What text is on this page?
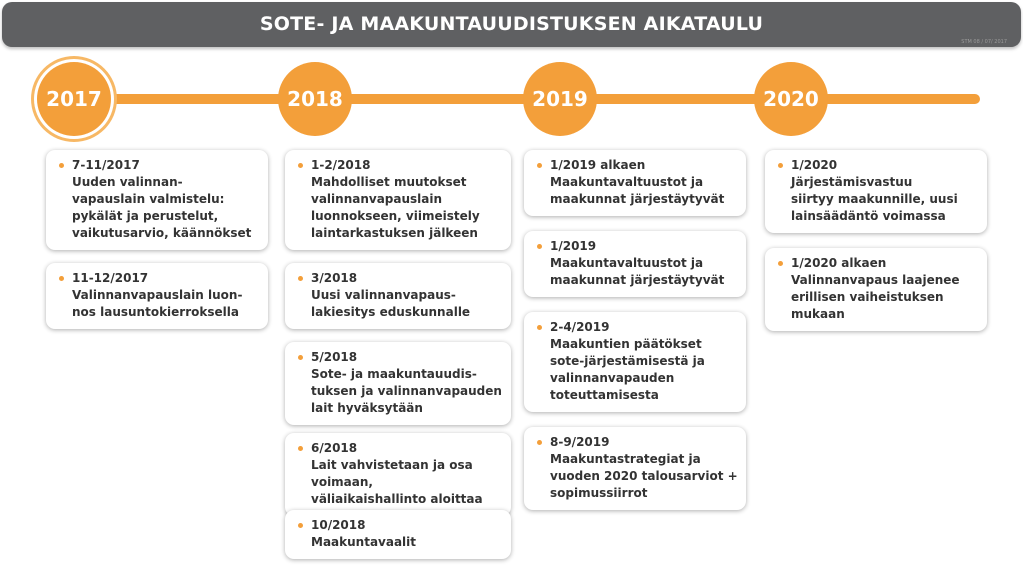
SOTE- JA MAAKUNTAUUDISTUKSEN AIKATAULU
STM 08 / 07/ 2017
2017	2018	2019	2020
7-11/2017
Uuden valinnan-
vapauslain valmistelu:
pykälät ja perustelut,
vaikutusarvio, käännökset
11-12/2017
Valinnanvapauslain luon-
nos lausuntokierroksella
1-2/2018
Mahdolliset muutokset
valinnanvapauslain
luonnokseen, viimeistely
laintarkastuksen jälkeen
3/2018
Uusi valinnanvapaus-
lakiesitys eduskunnalle
5/2018
Sote- ja maakuntauudis-
tuksen ja valinnanvapauden
lait hyväksytään
6/2018
Lait vahvistetaan ja osa voimaan,
väliaikaishallinto aloittaa
10/2018
Maakuntavaalit
1/2019 alkaen
Maakuntavaltuustot ja
maakunnat järjestäytyvät
1/2019
Maakuntavaltuustot ja
maakunnat järjestäytyvät
2-4/2019
Maakuntien päätökset
sote-järjestämisestä ja
valinnanvapauden
toteuttamisesta
8-9/2019
Maakuntastrategiat ja
vuoden 2020 talousarviot +
sopimussiirrot
1/2020
Järjestämisvastuu
siirtyy maakunnille, uusi
lainsäädäntö voimassa
1/2020 alkaen
Valinnanvapaus laajenee
erillisen vaiheistuksen
mukaan
